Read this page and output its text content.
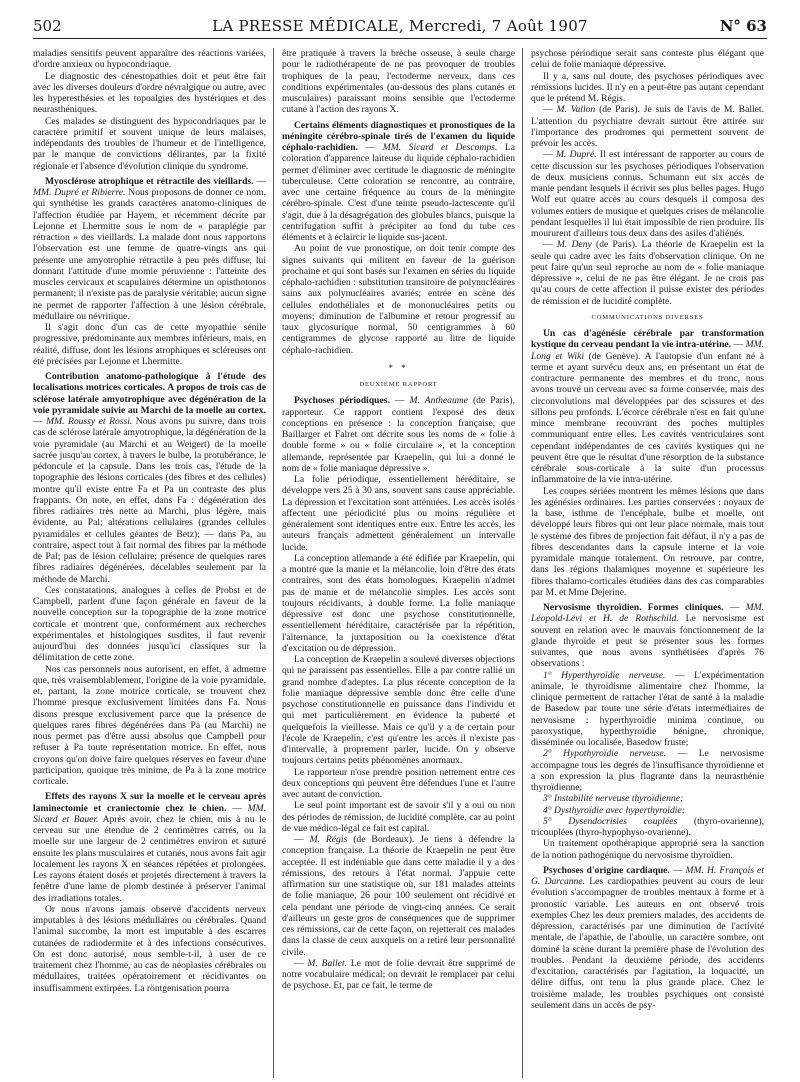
502	LA PRESSE MÉDICALE, Mercredi, 7 Août 1907	N° 63

maladies sensitifs peuvent apparaître des réactions variées, d'ordre anxieux ou hypocondriaque.

Le diagnostic des cénestopathies doit et peut être fait avec les diverses douleurs d'ordre névralgique ou autre, avec les hyperesthésies et les topoalgies des hystériques et des neurasthéniques.

Ces malades se distinguent des hypocondriaques par le caractère primitif et souvent unique de leurs malaises, indépendants des troubles de l'humeur et de l'intelligence, par le manque de convictions délirantes, par la fixité régionale et l'absence d'évolution clinique du syndrome.

Myosclérose atrophique et rétractile des vieillards. — MM. Dupré et Ribierre. Nous proposons de donner ce nom, qui synthétise les grands caractères anatomo-cliniques de l'affection étudiée par Hayem, et récemment décrite par Lejonne et Lhermitte sous le nom de « paraplégie par rétraction » des vieillards. La malade dont nous rapportons l'observation est une femme de quatre-vingts ans qui présente une amyotrophie rétractile à peu près diffuse, lui donnant l'attitude d'une momie péruvienne : l'atteinte des muscles cervicaux et scapulaires détermine un opisthotonos permanent; il n'existe pas de paralysie véritable; aucun signe ne permet de rapporter l'affection à une lésion cérébrale, médullaire ou névritique.

Il s'agit donc d'un cas de cette myopathie sénile progressive, prédominante aux membres inférieurs, mais, en réalité, diffuse, dont les lésions atrophiques et scléreuses ont été précisées par Lejonne et Lhermitte.

Contribution anatomo-pathologique à l'étude des localisations motrices corticales. A propos de trois cas de sclérose latérale amyotrophique avec dégénération de la voie pyramidale suivie au Marchi de la moelle au cortex. — MM. Roussy et Rossi. Nous avons pu suivre, dans trois cas de sclérose latérale amyotrophique, la dégénération de la voie pyramidale (au Marchi et au Weigert) de la moelle sacrée jusqu'au cortex, à travers le bulbe, la protubérance, le pédoncule et la capsule. Dans les trois cas, l'étude de la topographie des lésions corticales (des fibres et des cellules) montre qu'il existe entre Fa et Pa un contraste des plus frappants. On note, en effet, dans Fa : dégénération des fibres radiaires très nette au Marchi, plus légère, mais évidente, au Pal; altérations cellulaires (grandes cellules pyramidales et cellules géantes de Betz); — dans Pa, au contraire, aspect tout à fait normal des fibres par la méthode de Pal; pas de lésion cellulaire; présence de quelques rares fibres radiaires dégénérées, décelables seulement par la méthode de Marchi.

Ces constatations, analogues à celles de Probst et de Campbell, parlent d'une façon générale en faveur de la nouvelle conception sur la topographie de la zone motrice corticale et montrent que, conformément aux recherches expérimentales et histologiques susdites, il faut revenir aujourd'hui des données jusqu'ici classiques sur la délimitation de cette zone.

Nos cas personnels nous autorisent, en effet, à admettre que, très vraisemblablement, l'origine de la voie pyramidale, et, partant, la zone motrice corticale, se trouvent chez l'homme presque exclusivement limitées dans Fa. Nous disons presque exclusivement parce que la présence de quelques rares fibres dégénérées dans Pa (au Marchi) ne nous permet pas d'être aussi absolus que Campbell pour refuser à Pa toute représentation motrice. En effet, nous croyons qu'on doive faire quelques réserves en faveur d'une participation, quoique très minime, de Pa à la zone motrice corticale.

Effets des rayons X sur la moelle et le cerveau après laminectomie et craniectomie chez le chien. — MM. Sicard et Bauer. Après avoir, chez le chien, mis à nu le cerveau sur une étendue de 2 centimètres carrés, ou la moelle sur une largeur de 2 centimètres environ et suturé ensuite les plans musculaires et cutanés, nous avons fait agir localement les rayons X en séances répétées et prolongées. Les rayons étaient dosés et projetés directement à travers la fenêtre d'une lame de plomb destinée à préserver l'animal des irradiations totales.

Or nous n'avons jamais observé d'accidents nerveux imputables à des lésions médullaires ou cérébrales. Quand l'animal succombe, la mort est imputable à des escarres cutanées de radiodermite et à des infections consécutives. On est donc autorisé, nous semble-t-il, à user de ce traitement chez l'homme, au cas de néoplasies cérébrales ou médullaires, traitées opératoirement et récidivantes ou insuffisamment extirpées. La röntgenisation pourra

être pratiquée à travers la brèche osseuse, à seule charge pour le radiothérapeute de ne pas provoquer de troubles trophiques de la peau, l'ectoderme nerveux, dans ces conditions expérimentales (au-dessous des plans cutanés et musculaires) paraissant moins sensible que l'ectoderme cutané à l'action des rayons X.

Certains éléments diagnostiques et pronostiques de la méningite cérébro-spinale tirés de l'examen du liquide céphalo-rachidien. — MM. Sicard et Descomps. La coloration d'apparence laiteuse du liquide céphalo-rachidien permet d'éliminer avec certitude le diagnostic de méningite tuberculeuse. Cette coloration se rencontre, au contraire, avec une certaine fréquence au cours de la méningite cérébro-spinale. C'est d'une teinte pseudo-lactescente qu'il s'agit, due à la désagrégation des globules blancs, puisque la centrifugation suffit à précipiter au fond du tube ces éléments et à éclaircir le liquide sus-jacent.

Au point de vue pronostique, on doit tenir compte des signes suivants qui militent en faveur de la guérison prochaine et qui sont basés sur l'examen en séries du liquide céphalo-rachidien : substitution transitoire de polynucléaires sains aux polynucléaires avariés; entrée en scène des cellules endothéliales et de mononucléaires petits ou moyens; diminution de l'albumine et retour progressif au taux glycosurique normal, 50 centigrammes à 60 centigrammes de glycose rapporté au litre de liquide céphalo-rachidien.

* *
DEUXIÈME RAPPORT

Psychoses périodiques. — M. Antheaume (de Paris), rapporteur. Ce rapport contient l'exposé des deux conceptions en présence : la conception française, que Baillarger et Falret ont décrite sous les noms de « folie à double forme » ou « folie circulaire », et la conception allemande, représentée par Kraepelin, qui lui a donné le nom de « folie maniaque dépressive ».

La folie périodique, essentiellement héréditaire, se développe vers 25 à 30 ans, souvent sans cause appréciable. La dépression et l'excitation sont atténuées. Les accès isolés affectent une périodicité plus ou moins régulière et généralement sont identiques entre eux. Entre les accès, les auteurs français admettent généralement un intervalle lucide.

La conception allemande a été édifiée par Kraepelin, qui a montré que la manie et la mélancolie, loin d'être des états contraires, sont des états homologues. Kraepelin n'admet pas de manie et de mélancolie simples. Les accès sont toujours récidivants, à double forme. La folie maniaque dépressive est donc une psychose constitutionnelle, essentiellement héréditaire, caractérisée par la répétition, l'alternance, la juxtaposition ou la coexistence d'état d'excitation ou de dépression.

La conception de Kraepelin a soulevé diverses objections qui ne paraissent pas essentielles. Elle a par contre rallié un grand nombre d'adeptes. La plus récente conception de la folie maniaque dépressive semble donc être celle d'une psychose constitutionnelle en puissance dans l'individu et qui met particulièrement en évidence la puberté et quelquefois la vieillesse. Mais ce qu'il y a de certain pour l'école de Kraepelin, c'est qu'entre les accès il n'existe pas d'intervalle, à proprement parler, lucide. On y observe toujours certains petits phénomènes anormaux.

Le rapporteur n'ose prendre position nettement entre ces deux conceptions qui peuvent être défendues l'une et l'autre avec autant de conviction.

Le seul point important est de savoir s'il y a oui ou non des périodes de rémission, de lucidité complète, car au point de vue médico-légal ce fait est capital.

— M. Régis (de Bordeaux). Je tiens à défendre la conception française. La théorie de Kraepelin ne peut être acceptée. Il est indéniable que dans cette maladie il y a des rémissions, des retours à l'état normal. J'appuie cette affirmation sur une statistique où, sur 181 malades atteints de folie maniaque, 26 pour 100 seulement ont récidivé et cela pendant une période de vingt-cinq années. Ce serait d'ailleurs un geste gros de conséquences que de supprimer ces rémissions, car de cette façon, on rejetterait ces malades dans la classe de ceux auxquels on a retiré leur personnalité civile.

— M. Ballet. Le mot de folie devrait être supprimé de notre vocabulaire médical; on devrait le remplacer par celui de psychose. Et, par ce fait, le terme de

psychose périodique serait sans conteste plus élégant que celui de folie maniaque dépressive.

Il y a, sans nul doute, des psychoses périodiques avec rémissions lucides. Il n'y en a peut-être pas autant cependant que le prétend M. Régis.

— M. Vallon (de Paris). Je suis de l'avis de M. Ballet. L'attention du psychiatre devrait surtout être attirée sur l'importance des prodromes qui permettent souvent de prévoir les accès.

— M. Dupré. Il est intéressant de rapporter au cours de cette discussion sur les psychoses périodiques l'observation de deux musiciens connus. Schumann eut six accès de manie pendant lesquels il écrivit ses plus belles pages. Hugo Wolf eut quatre accès au cours desquels il composa des volumes entiers de musique et quelques crises de mélancolie pendant lesquelles il lui était impossible de rien produire. Ils moururent d'ailleurs tous deux dans des asiles d'aliénés.

— M. Deny (de Paris). La théorie de Kraepelin est la seule qui cadre avec les faits d'observation clinique. On ne peut faire qu'un seul reproche au nom de « folie maniaque dépressive », celui de ne pas être élégant. Je ne crois pas qu'au cours de cette affection il puisse exister des périodes de rémission et de lucidité complète.

COMMUNICATIONS DIVERSES

Un cas d'agénésie cérébrale par transformation kystique du cerveau pendant la vie intra-utérine. — MM. Long et Wiki (de Genève). A l'autopsie d'un enfant né à terme et ayant survécu deux ans, en présentant un état de contracture permanente des membres et du tronc, nous avons trouvé un cerveau avec sa forme conservée, mais des circonvolutions mal développées par des scissures et des sillons peu profonds. L'écorce cérébrale n'est en fait qu'une mince membrane recouvrant des poches multiples communiquant entre elles. Les cavités ventriculaires sont cependant indépendantes de ces cavités kystiques qui ne peuvent être que le résultat d'une résorption de la substance cérébrale sous-corticale à la suite d'un processus inflammatoire de la vie intra-utérine.

Les coupes sériées montrent les mêmes lésions que dans les agénésies ordinaires. Les parties conservées : noyaux de la base, isthme de l'encéphale, bulbe et moelle, ont développé leurs fibres qui ont leur place normale, mais tout le système des fibres de projection fait défaut, il n'y a pas de fibres descendantes dans la capsule interne et la voie pyramidale manque totalement. On retrouve, par contre, dans les régions thalamiques moyenne et supérieure les fibres thalamo-corticales étudiées dans des cas comparables par M. et Mme Dejerine.

Nervosisme thyroïdien. Formes cliniques. — MM. Léopold-Lévi et H. de Rothschild. Le nervosisme est souvent en relation avec le mauvais fonctionnement de la glande thyroïde et peut se présenter sous les formes suivantes, que nous avons synthétisées d'après 76 observations :

1° Hyperthyroïdie nerveuse. — L'expérimentation animale, le thyroïdisme alimentaire chez l'homme, la clinique permettent de rattacher l'état de santé à la maladie de Basedow par toute une série d'états intermédiaires de nervosisme : hyperthyroïdie minima continue, ou paroxystique, hyperthyroïdie bénigne, chronique, disséminée ou localisée, Basedow fruste;

2° Hypothyroïdie nerveuse. — Le nervosisme accompagne tous les degrés de l'insuffisance thyroïdienne et a son expression la plus flagrante dans la neurasthénie thyroïdienne;

3° Instabilité nerveuse thyroïdienne;

4° Dysthyroïdie avec hyperthyroïdie;

5° Dysendocrisies couplées (thyro-ovarienne), tricouplées (thyro-hypophyso-ovarienne).

Un traitement opothérapique approprié sera la sanction de la notion pathogénique du nervosisme thyroïdien.

Psychoses d'origine cardiaque. — MM. H. François et G. Darcanne. Les cardiopathies peuvent au cours de leur évolution s'accompagner de troubles mentaux à forme et à pronostic variable. Les auteurs en ont observé trois exemples Chez les deux premiers malades, des accidents de dépression, caractérisés par une diminution de l'activité mentale, de l'apathie, de l'aboulie, un caractère sombre, ont dominé la scène durant la première phase de l'évolution des troubles. Pendant la deuxième période, des accidents d'excitation, caractérisés par l'agitation, la loquacité, un délire diffus, ont tenu la plus grande place. Chez le troisième malade, les troubles psychiques ont consisté seulement dans un accès de psy-
